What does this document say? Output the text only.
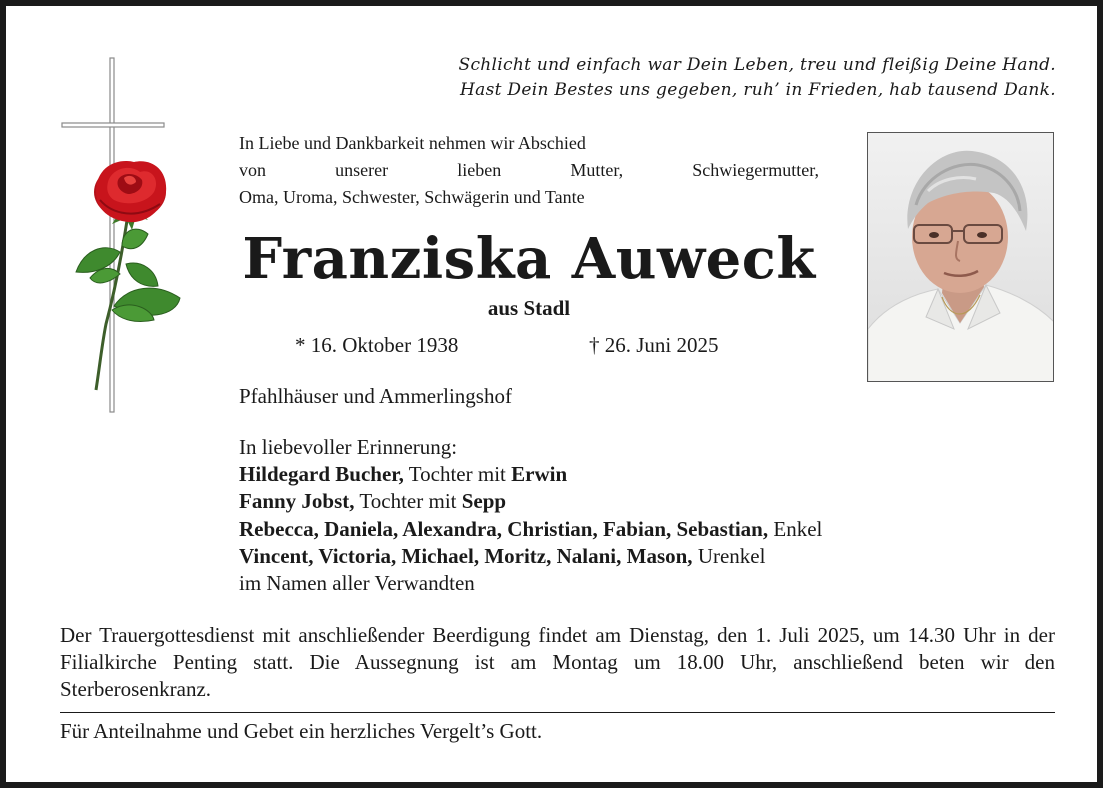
Schlicht und einfach war Dein Leben, treu und fleißig Deine Hand.
Hast Dein Bestes uns gegeben, ruh’ in Frieden, hab tausend Dank.
In Liebe und Dankbarkeit nehmen wir Abschied
von unserer lieben Mutter, Schwiegermutter,
Oma, Uroma, Schwester, Schwägerin und Tante
Franziska Auweck
aus Stadl
* 16. Oktober 1938	† 26. Juni 2025
Pfahlhäuser und Ammerlingshof
In liebevoller Erinnerung:
Hildegard Bucher, Tochter mit Erwin
Fanny Jobst, Tochter mit Sepp
Rebecca, Daniela, Alexandra, Christian, Fabian, Sebastian, Enkel
Vincent, Victoria, Michael, Moritz, Nalani, Mason, Urenkel
im Namen aller Verwandten
Der Trauergottesdienst mit anschließender Beerdigung findet am Dienstag, den 1. Juli 2025, um 14.30 Uhr in der Filialkirche Penting statt. Die Aussegnung ist am Montag um 18.00 Uhr, anschließend beten wir den Sterberosenkranz.
Für Anteilnahme und Gebet ein herzliches Vergelt’s Gott.
